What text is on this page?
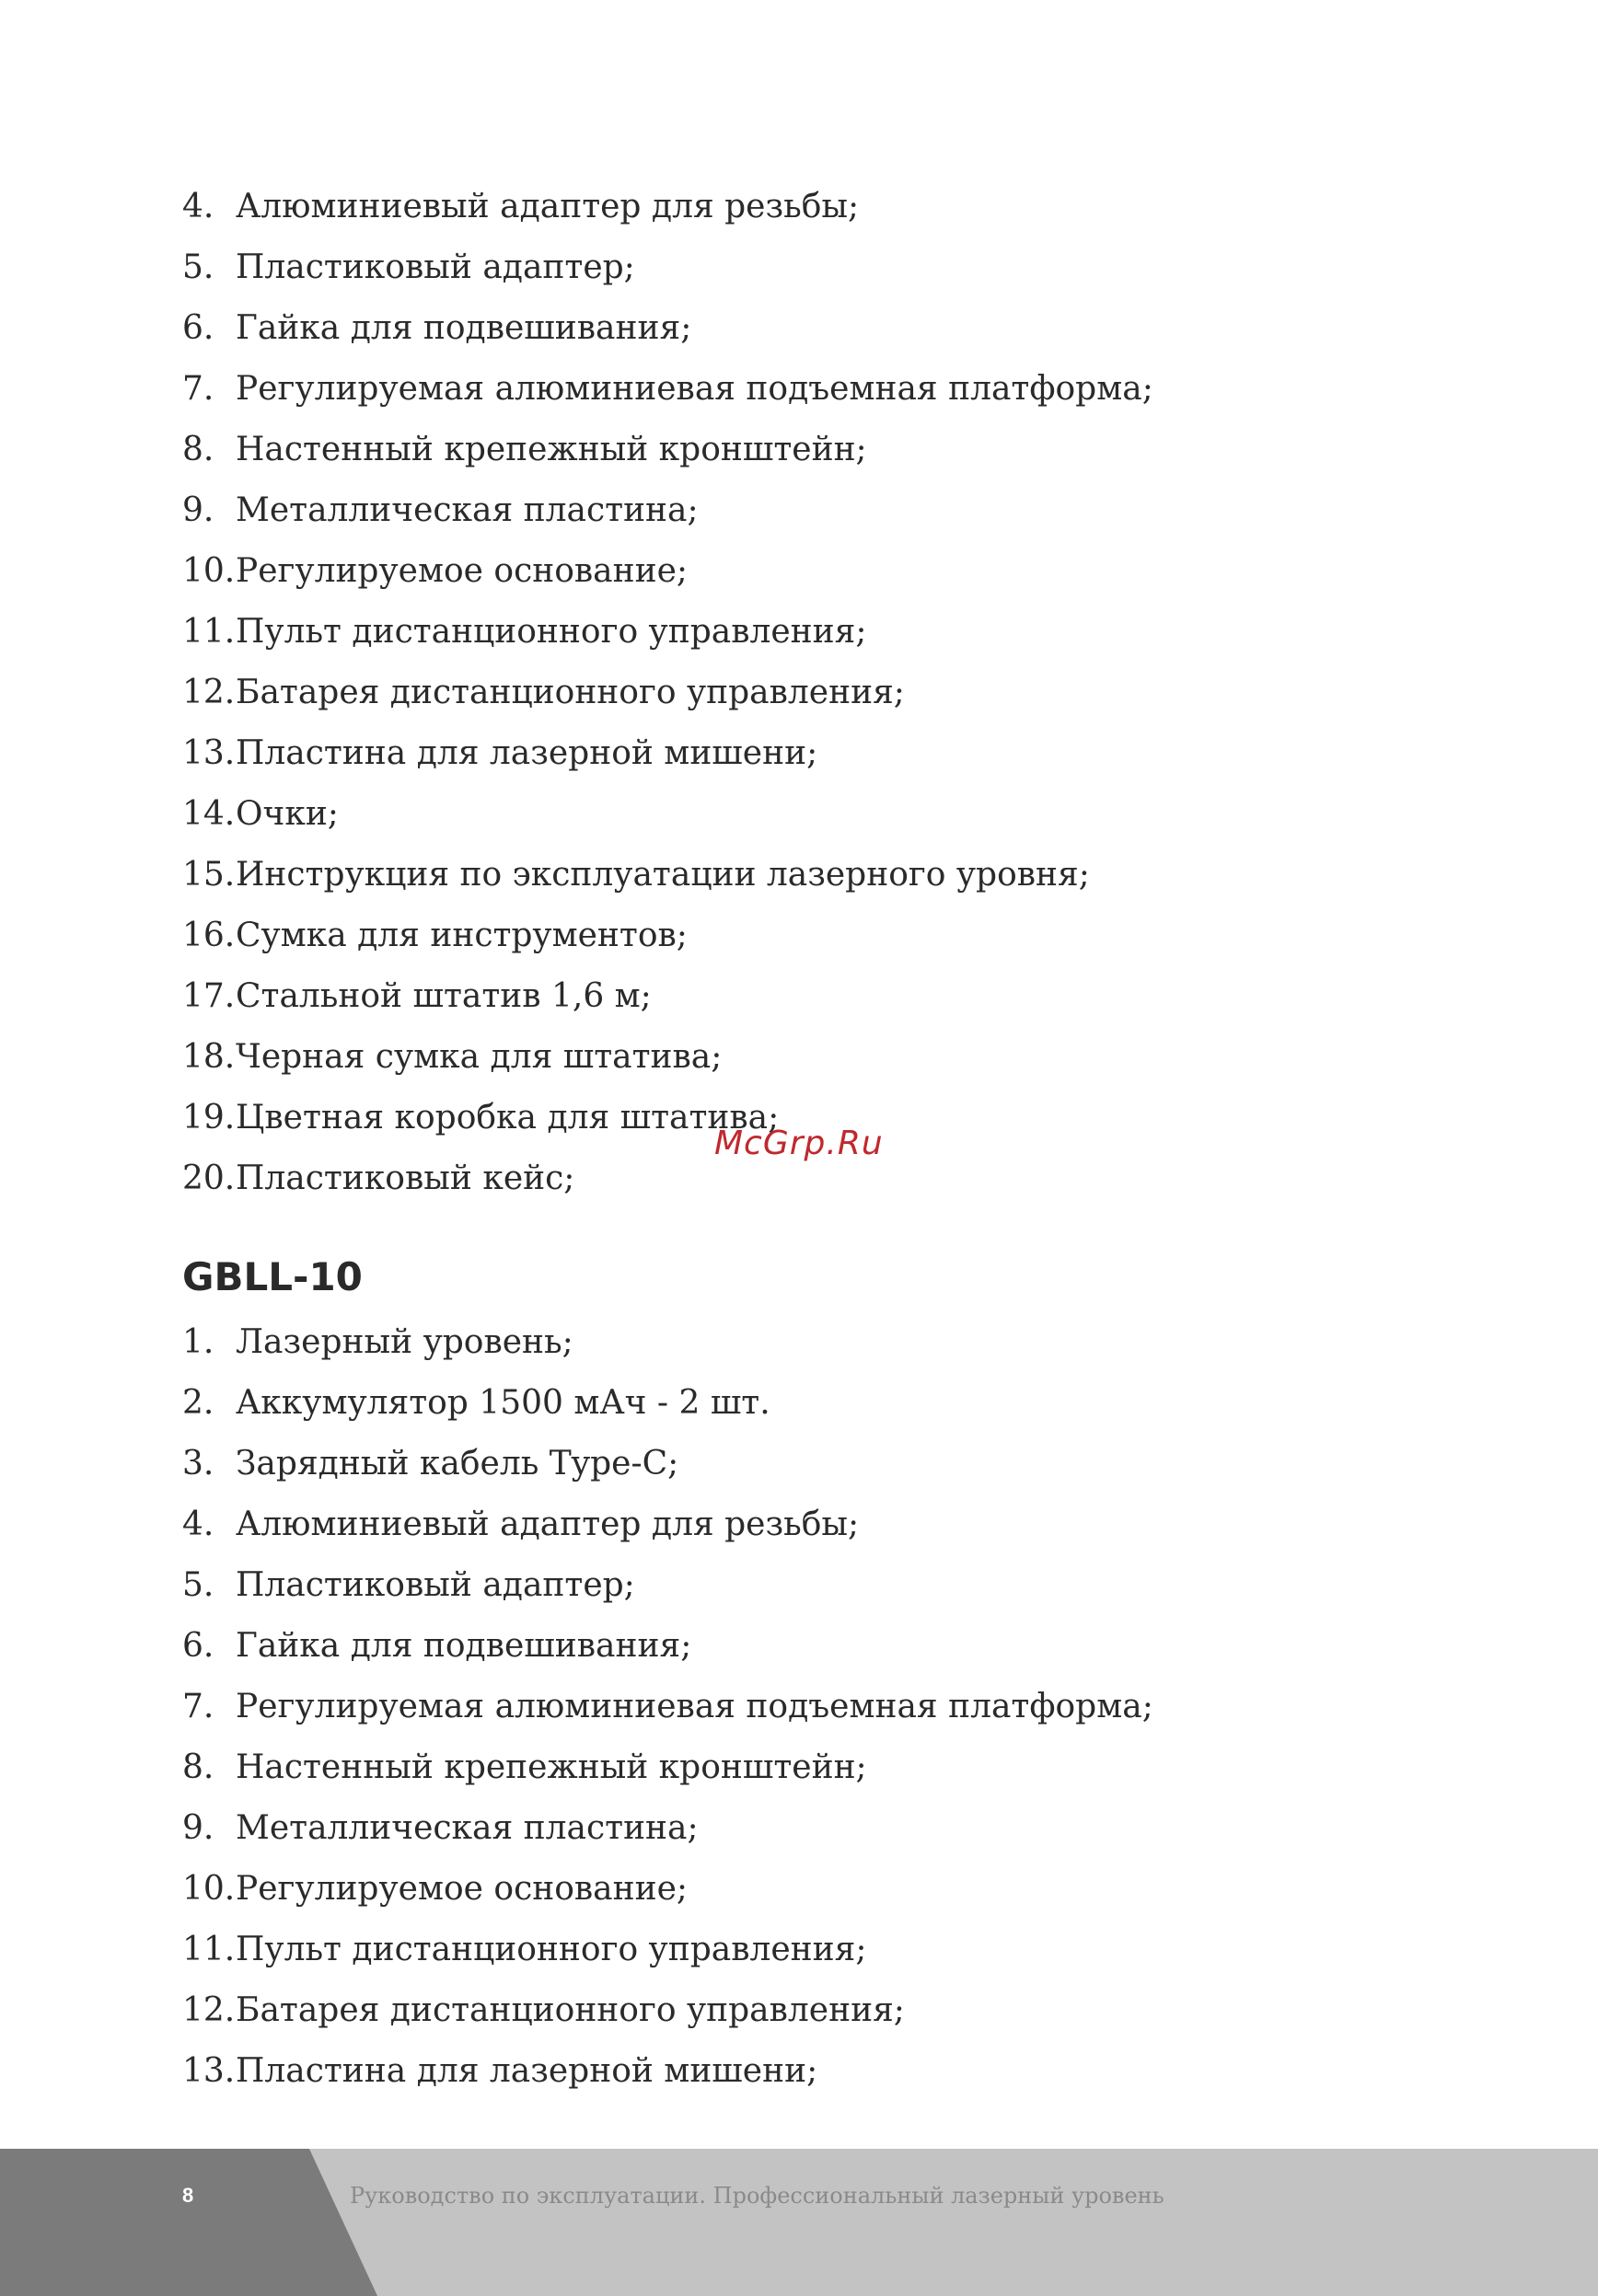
4. Алюминиевый адаптер для резьбы;
5. Пластиковый адаптер;
6. Гайка для подвешивания;
7. Регулируемая алюминиевая подъемная платформа;
8. Настенный крепежный кронштейн;
9. Металлическая пластина;
10. Регулируемое основание;
11. Пульт дистанционного управления;
12. Батарея дистанционного управления;
13. Пластина для лазерной мишени;
14. Очки;
15. Инструкция по эксплуатации лазерного уровня;
16. Сумка для инструментов;
17. Стальной штатив 1,6 м;
18. Черная сумка для штатива;
19. Цветная коробка для штатива;
20. Пластиковый кейс;
GBLL-10
1. Лазерный уровень;
2. Аккумулятор 1500 мАч - 2 шт.
3. Зарядный кабель Type-C;
4. Алюминиевый адаптер для резьбы;
5. Пластиковый адаптер;
6. Гайка для подвешивания;
7. Регулируемая алюминиевая подъемная платформа;
8. Настенный крепежный кронштейн;
9. Металлическая пластина;
10. Регулируемое основание;
11. Пульт дистанционного управления;
12. Батарея дистанционного управления;
13. Пластина для лазерной мишени;
McGrp.Ru
8	Руководство по эксплуатации. Профессиональный лазерный уровень
